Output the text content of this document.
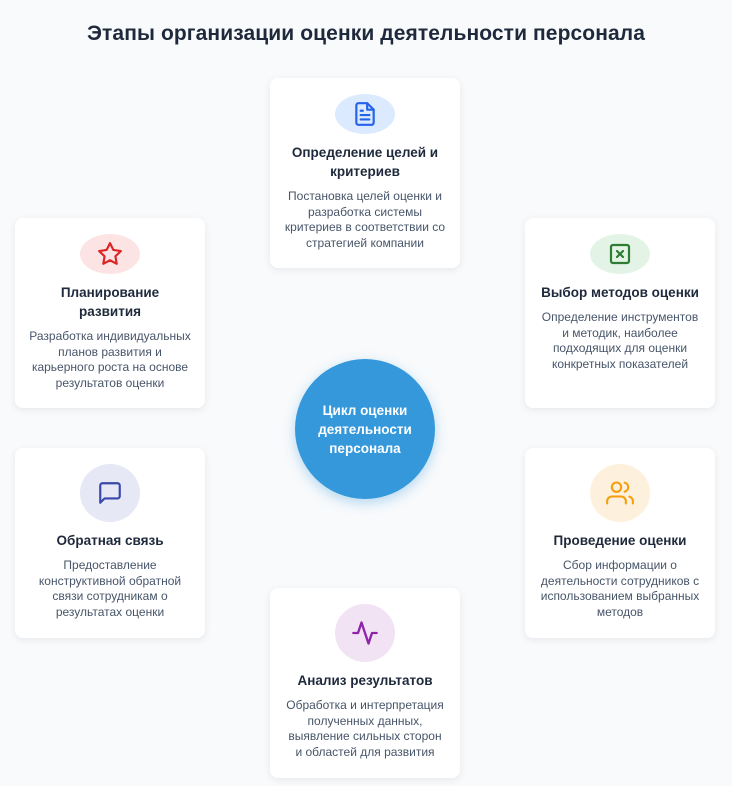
Этапы организации оценки деятельности персонала
Определение целей и критериев
Постановка целей оценки и разработка системы критериев в соответствии со стратегией компании
Выбор методов оценки
Определение инструментов и методик, наиболее подходящих для оценки конкретных показателей
Проведение оценки
Сбор информации о деятельности сотрудников с использованием выбранных методов
Анализ результатов
Обработка и интерпретация полученных данных, выявление сильных сторон и областей для развития
Обратная связь
Предоставление конструктивной обратной связи сотрудникам о результатах оценки
Планирование развития
Разработка индивидуальных планов развития и карьерного роста на основе результатов оценки
Цикл оценки деятельности персонала
